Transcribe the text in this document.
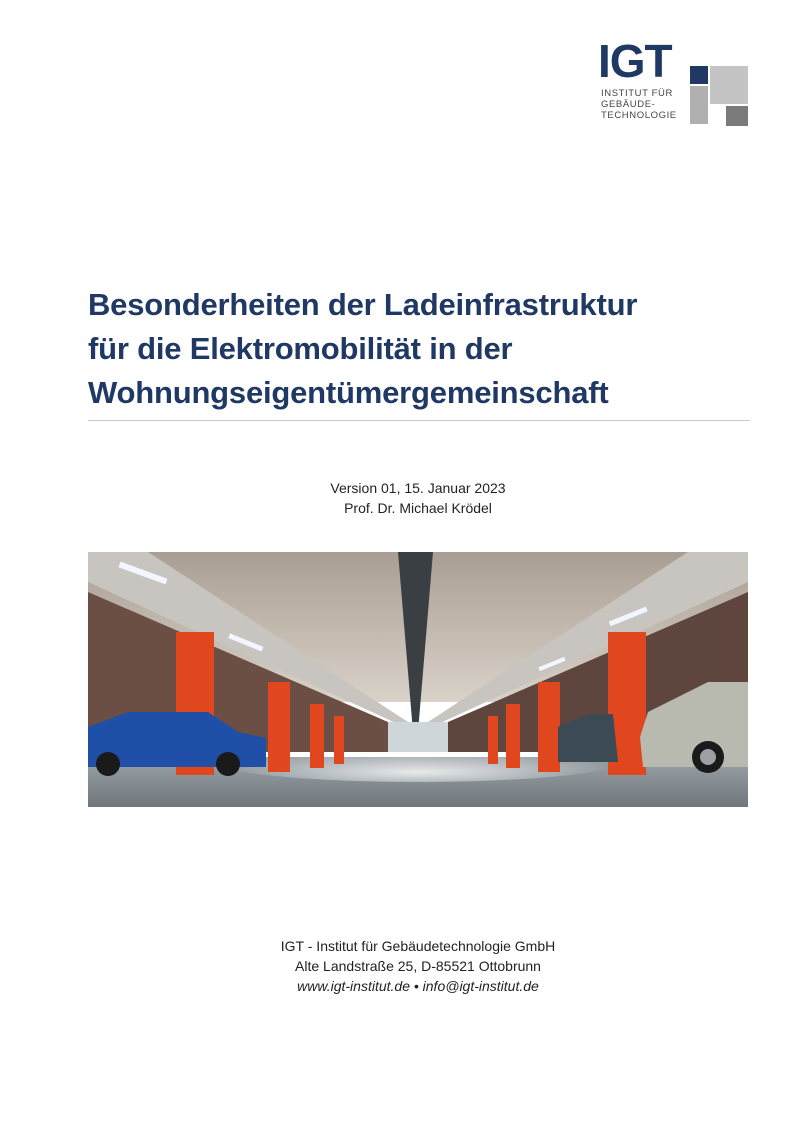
IGT
INSTITUT FÜR
GEBÄUDE-
TECHNOLOGIE
Besonderheiten der Ladeinfrastruktur
für die Elektromobilität in der
Wohnungseigentümergemeinschaft
Version 01, 15. Januar 2023
Prof. Dr. Michael Krödel
IGT - Institut für Gebäudetechnologie GmbH
Alte Landstraße 25, D-85521 Ottobrunn
www.igt-institut.de • info@igt-institut.de
